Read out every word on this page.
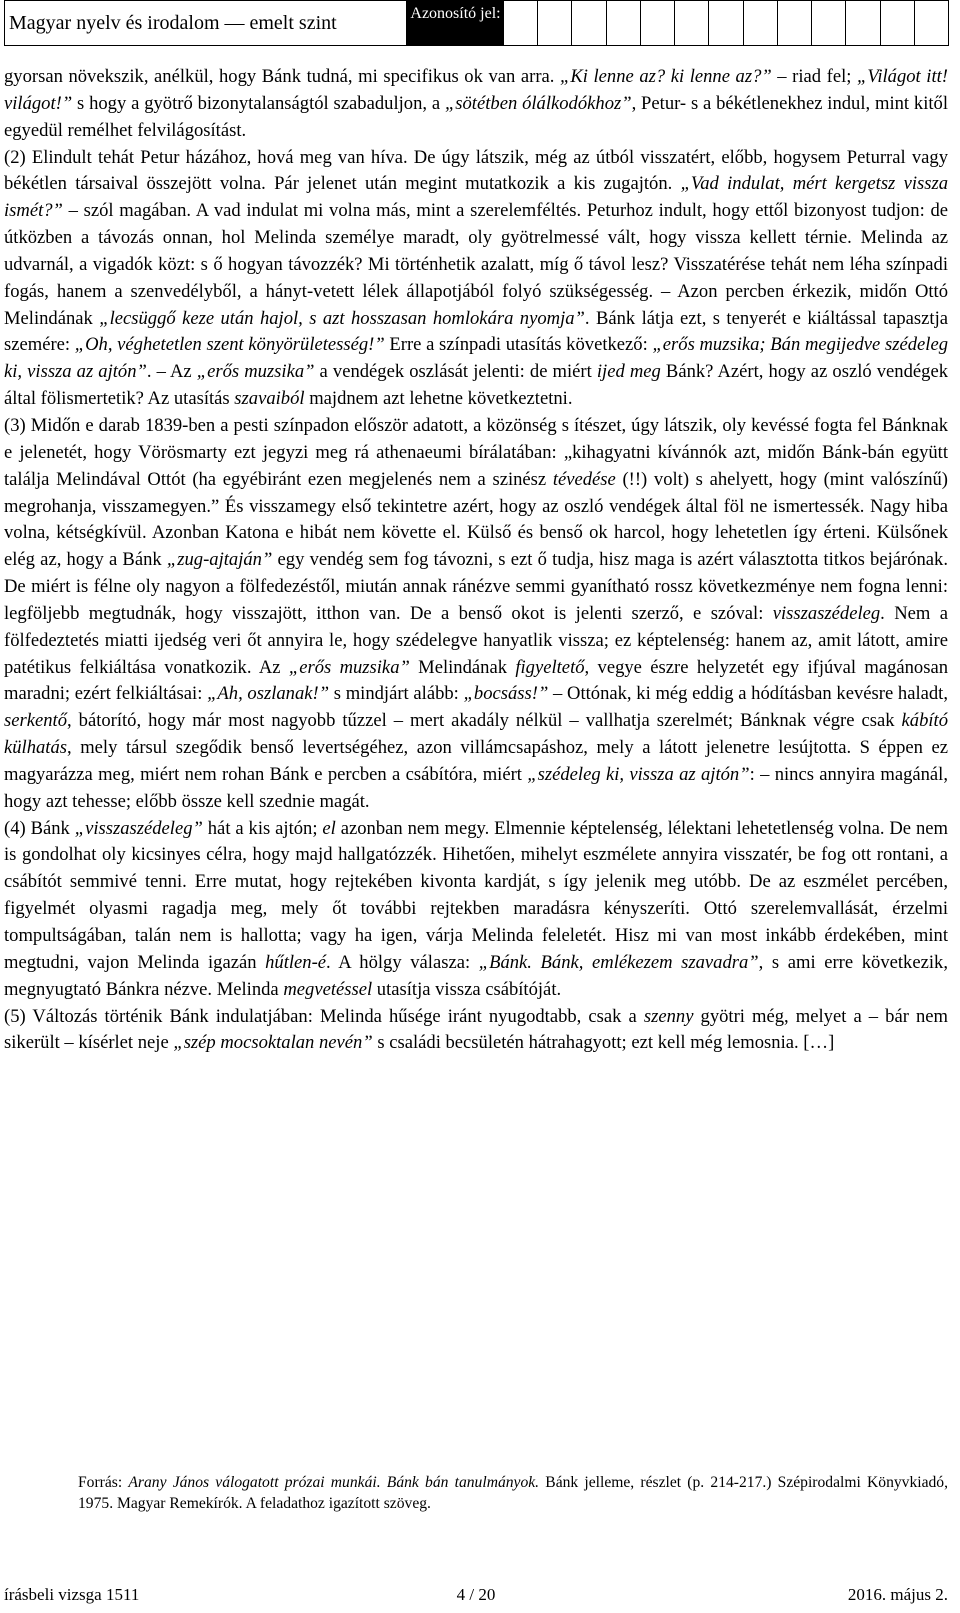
Magyar nyelv és irodalom — emelt szint	Azonosító jel:

gyorsan növekszik, anélkül, hogy Bánk tudná, mi specifikus ok van arra. „Ki lenne az? ki lenne az?” – riad fel; „Világot itt! világot!” s hogy a gyötrő bizonytalanságtól szabaduljon, a „sötétben ólálkodókhoz”, Petur- s a békétlenekhez indul, mint kitől egyedül remélhet felvilágosítást.

(2) Elindult tehát Petur házához, hová meg van híva. De úgy látszik, még az útból visszatért, előbb, hogysem Peturral vagy békétlen társaival összejött volna. Pár jelenet után megint mutatkozik a kis zugajtón. „Vad indulat, mért kergetsz vissza ismét?” – szól magában. A vad indulat mi volna más, mint a szerelemféltés. Peturhoz indult, hogy ettől bizonyost tudjon: de útközben a távozás onnan, hol Melinda személye maradt, oly gyötrelmessé vált, hogy vissza kellett térnie. Melinda az udvarnál, a vigadók közt: s ő hogyan távozzék? Mi történhetik azalatt, míg ő távol lesz? Visszatérése tehát nem léha színpadi fogás, hanem a szenvedélyből, a hányt-vetett lélek állapotjából folyó szükségesség. – Azon percben érkezik, midőn Ottó Melindának „lecsüggő keze után hajol, s azt hosszasan homlokára nyomja”. Bánk látja ezt, s tenyerét e kiáltással tapasztja szemére: „Oh, véghetetlen szent könyörületesség!” Erre a színpadi utasítás következő: „erős muzsika; Bán megijedve szédeleg ki, vissza az ajtón”. – Az „erős muzsika” a vendégek oszlását jelenti: de miért ijed meg Bánk? Azért, hogy az oszló vendégek által fölismertetik? Az utasítás szavaiból majdnem azt lehetne következtetni.

(3) Midőn e darab 1839-ben a pesti színpadon először adatott, a közönség s ítészet, úgy látszik, oly kevéssé fogta fel Bánknak e jelenetét, hogy Vörösmarty ezt jegyzi meg rá athenaeumi bírálatában: „kihagyatni kívánnók azt, midőn Bánk-bán együtt találja Melindával Ottót (ha egyébiránt ezen megjelenés nem a szinész tévedése (!!) volt) s ahelyett, hogy (mint valószínű) megrohanja, visszamegyen.” És visszamegy első tekintetre azért, hogy az oszló vendégek által föl ne ismertessék. Nagy hiba volna, kétségkívül. Azonban Katona e hibát nem követte el. Külső és benső ok harcol, hogy lehetetlen így érteni. Külsőnek elég az, hogy a Bánk „zug-ajtaján” egy vendég sem fog távozni, s ezt ő tudja, hisz maga is azért választotta titkos bejárónak. De miért is félne oly nagyon a fölfedezéstől, miután annak ránézve semmi gyanítható rossz következménye nem fogna lenni: legföljebb megtudnák, hogy visszajött, itthon van. De a benső okot is jelenti szerző, e szóval: visszaszédeleg. Nem a fölfedeztetés miatti ijedség veri őt annyira le, hogy szédelegve hanyatlik vissza; ez képtelenség: hanem az, amit látott, amire patétikus felkiáltása vonatkozik. Az „erős muzsika” Melindának figyeltető, vegye észre helyzetét egy ifjúval magánosan maradni; ezért felkiáltásai: „Ah, oszlanak!” s mindjárt alább: „bocsáss!” – Ottónak, ki még eddig a hódításban kevésre haladt, serkentő, bátorító, hogy már most nagyobb tűzzel – mert akadály nélkül – vallhatja szerelmét; Bánknak végre csak kábító külhatás, mely társul szegődik benső levertségéhez, azon villámcsapáshoz, mely a látott jelenetre lesújtotta. S éppen ez magyarázza meg, miért nem rohan Bánk e percben a csábítóra, miért „szédeleg ki, vissza az ajtón”: – nincs annyira magánál, hogy azt tehesse; előbb össze kell szednie magát.

(4) Bánk „visszaszédeleg” hát a kis ajtón; el azonban nem megy. Elmennie képtelenség, lélektani lehetetlenség volna. De nem is gondolhat oly kicsinyes célra, hogy majd hallgatózzék. Hihetően, mihelyt eszmélete annyira visszatér, be fog ott rontani, a csábítót semmivé tenni. Erre mutat, hogy rejtekében kivonta kardját, s így jelenik meg utóbb. De az eszmélet percében, figyelmét olyasmi ragadja meg, mely őt további rejtekben maradásra kényszeríti. Ottó szerelemvallását, érzelmi tompultságában, talán nem is hallotta; vagy ha igen, várja Melinda feleletét. Hisz mi van most inkább érdekében, mint megtudni, vajon Melinda igazán hűtlen-é. A hölgy válasza: „Bánk. Bánk, emlékezem szavadra”, s ami erre következik, megnyugtató Bánkra nézve. Melinda megvetéssel utasítja vissza csábítóját.

(5) Változás történik Bánk indulatjában: Melinda hűsége iránt nyugodtabb, csak a szenny gyötri még, melyet a – bár nem sikerült – kísérlet neje „szép mocsoktalan nevén” s családi becsületén hátrahagyott; ezt kell még lemosnia. […]

Forrás: Arany János válogatott prózai munkái. Bánk bán tanulmányok. Bánk jelleme, részlet (p. 214-217.) Szépirodalmi Könyvkiadó, 1975. Magyar Remekírók. A feladathoz igazított szöveg.
4 / 20
írásbeli vizsga 1511	2016. május 2.
